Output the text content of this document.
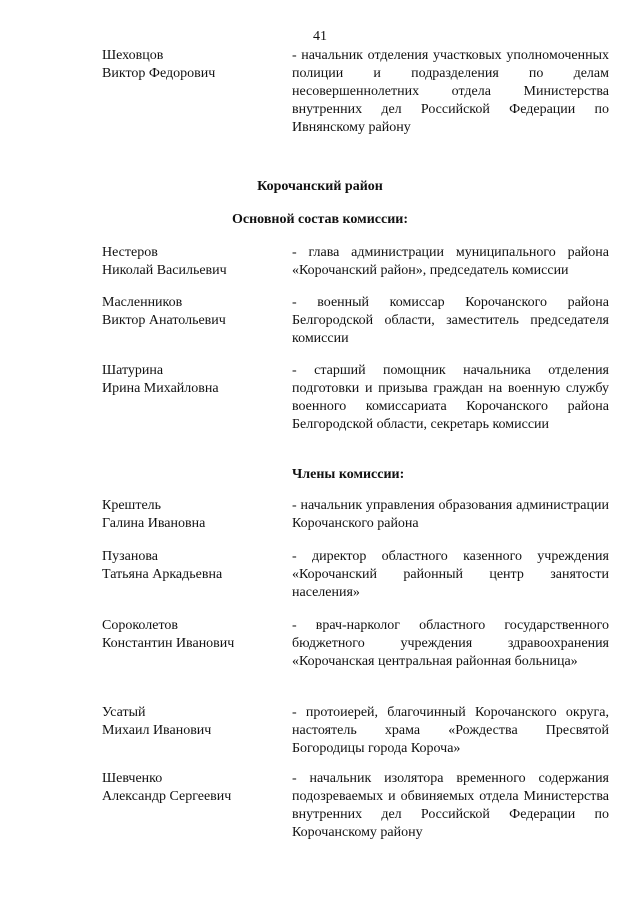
41
Шеховцов
Виктор Федорович
- начальник отделения участковых уполномоченных полиции и подразделения по делам несовершеннолетних отдела Министерства внутренних дел Российской Федерации по Ивнянскому району
Корочанский район
Основной состав комиссии:
Нестеров
Николай Васильевич
- глава администрации муниципального района «Корочанский район», председатель комиссии
Масленников
Виктор Анатольевич
- военный комиссар Корочанского района Белгородской области, заместитель председателя комиссии
Шатурина
Ирина Михайловна
- старший помощник начальника отделения подготовки и призыва граждан на военную службу военного комиссариата Корочанского района Белгородской области, секретарь комиссии
Члены комиссии:
Крештель
Галина Ивановна
- начальник управления образования администрации Корочанского района
Пузанова
Татьяна Аркадьевна
- директор областного казенного учреждения «Корочанский районный центр занятости населения»
Сороколетов
Константин Иванович
- врач-нарколог областного государственного бюджетного учреждения здравоохранения «Корочанская центральная районная больница»
Усатый
Михаил Иванович
- протоиерей, благочинный Корочанского округа, настоятель храма «Рождества Пресвятой Богородицы города Короча»
Шевченко
Александр Сергеевич
- начальник изолятора временного содержания подозреваемых и обвиняемых отдела Министерства внутренних дел Российской Федерации по Корочанскому району
